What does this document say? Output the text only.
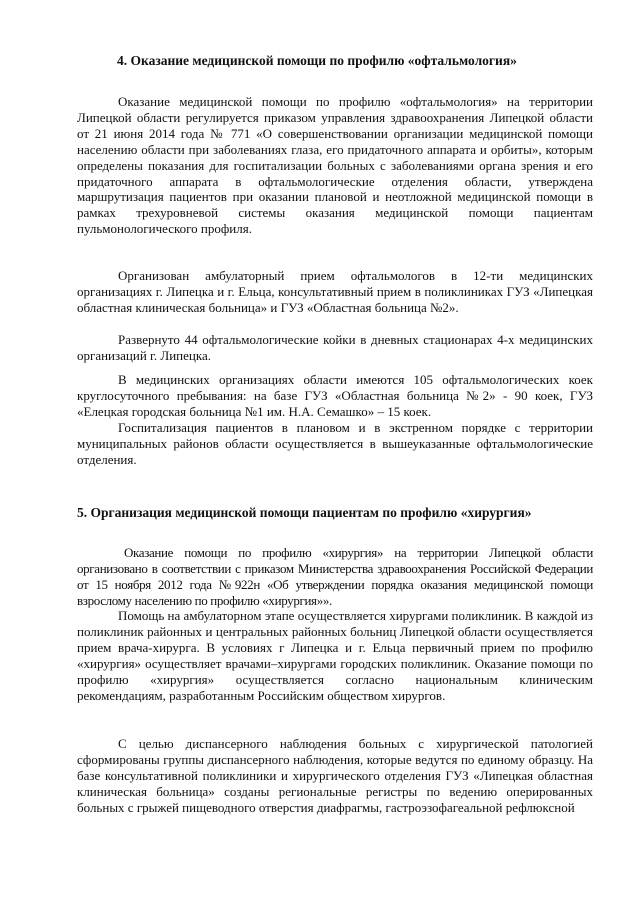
4. Оказание медицинской помощи по профилю «офтальмология»

Оказание медицинской помощи по профилю «офтальмология» на территории Липецкой области регулируется приказом управления здравоохранения Липецкой области от 21 июня 2014 года № 771 «О совершенствовании организации медицинской помощи населению области при заболеваниях глаза, его придаточного аппарата и орбиты», которым определены показания для госпитализации больных с заболеваниями органа зрения и его придаточного аппарата в офтальмологические отделения области, утверждена маршрутизация пациентов при оказании плановой и неотложной медицинской помощи в рамках трехуровневой системы оказания медицинской помощи пациентам пульмонологического профиля.

Организован амбулаторный прием офтальмологов в 12-ти медицинских организациях г. Липецка и г. Ельца, консультативный прием в поликлиниках ГУЗ «Липецкая областная клиническая больница» и ГУЗ «Областная больница №2».

Развернуто 44 офтальмологические койки в дневных стационарах 4-х медицинских организаций г. Липецка.

В медицинских организациях области имеются 105 офтальмологических коек круглосуточного пребывания: на базе ГУЗ «Областная больница №2» - 90 коек, ГУЗ «Елецкая городская больница №1 им. Н.А. Семашко» – 15 коек.

Госпитализация пациентов в плановом и в экстренном порядке с территории муниципальных районов области осуществляется в вышеуказанные офтальмологические отделения.

5. Организация медицинской помощи пациентам по профилю «хирургия»

Оказание помощи по профилю «хирургия» на территории Липецкой области организовано в соответствии с приказом Министерства здравоохранения Российской Федерации от 15 ноября 2012 года №922н «Об утверждении порядка оказания медицинской помощи взрослому населению по профилю «хирургия»».

Помощь на амбулаторном этапе осуществляется хирургами поликлиник. В каждой из поликлиник районных и центральных районных больниц Липецкой области осуществляется прием врача-хирурга. В условиях г Липецка и г. Ельца первичный прием по профилю «хирургия» осуществляет врачами–хирургами городских поликлиник. Оказание помощи по профилю «хирургия» осуществляется согласно национальным клиническим рекомендациям, разработанным Российским обществом хирургов.

С целью диспансерного наблюдения больных с хирургической патологией сформированы группы диспансерного наблюдения, которые ведутся по единому образцу. На базе консультативной поликлиники и хирургического отделения ГУЗ «Липецкая областная клиническая больница» созданы региональные регистры по ведению оперированных больных с грыжей пищеводного отверстия диафрагмы, гастроэзофагеальной рефлюксной
